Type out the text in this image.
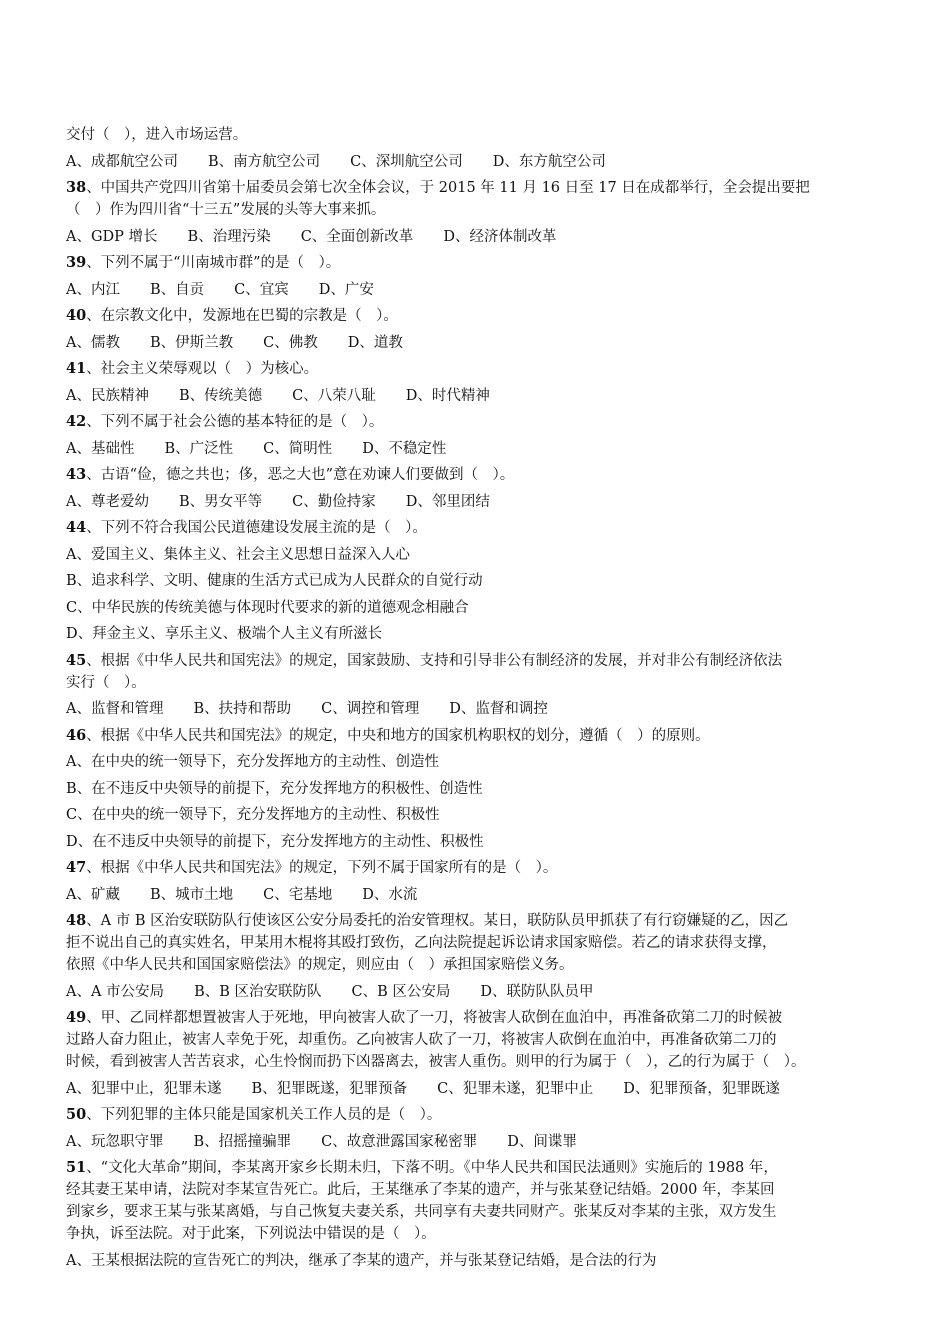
交付（　），进入市场运营。
A、成都航空公司 B、南方航空公司 C、深圳航空公司 D、东方航空公司
38、中国共产党四川省第十届委员会第七次全体会议，于 2015 年 11 月 16 日至 17 日在成都举行，全会提出要把
（　）作为四川省“十三五”发展的头等大事来抓。
A、GDP 增长 B、治理污染 C、全面创新改革 D、经济体制改革
39、下列不属于“川南城市群”的是（　）。
A、内江 B、自贡 C、宜宾 D、广安
40、在宗教文化中，发源地在巴蜀的宗教是（　）。
A、儒教 B、伊斯兰教 C、佛教 D、道教
41、社会主义荣辱观以（　）为核心。
A、民族精神 B、传统美德 C、八荣八耻 D、时代精神
42、下列不属于社会公德的基本特征的是（　）。
A、基础性 B、广泛性 C、简明性 D、不稳定性
43、古语“俭，德之共也；侈，恶之大也”意在劝谏人们要做到（　）。
A、尊老爱幼 B、男女平等 C、勤俭持家 D、邻里团结
44、下列不符合我国公民道德建设发展主流的是（　）。
A、爱国主义、集体主义、社会主义思想日益深入人心
B、追求科学、文明、健康的生活方式已成为人民群众的自觉行动
C、中华民族的传统美德与体现时代要求的新的道德观念相融合
D、拜金主义、享乐主义、极端个人主义有所滋长
45、根据《中华人民共和国宪法》的规定，国家鼓励、支持和引导非公有制经济的发展，并对非公有制经济依法
实行（　）。
A、监督和管理 B、扶持和帮助 C、调控和管理 D、监督和调控
46、根据《中华人民共和国宪法》的规定，中央和地方的国家机构职权的划分，遵循（　）的原则。
A、在中央的统一领导下，充分发挥地方的主动性、创造性
B、在不违反中央领导的前提下，充分发挥地方的积极性、创造性
C、在中央的统一领导下，充分发挥地方的主动性、积极性
D、在不违反中央领导的前提下，充分发挥地方的主动性、积极性
47、根据《中华人民共和国宪法》的规定，下列不属于国家所有的是（　）。
A、矿藏 B、城市土地 C、宅基地 D、水流
48、A 市 B 区治安联防队行使该区公安分局委托的治安管理权。某日，联防队员甲抓获了有行窃嫌疑的乙，因乙
拒不说出自己的真实姓名，甲某用木棍将其殴打致伤，乙向法院提起诉讼请求国家赔偿。若乙的请求获得支撑，
依照《中华人民共和国国家赔偿法》的规定，则应由（　）承担国家赔偿义务。
A、A 市公安局 B、B 区治安联防队 C、B 区公安局 D、联防队队员甲
49、甲、乙同样都想置被害人于死地，甲向被害人砍了一刀，将被害人砍倒在血泊中，再准备砍第二刀的时候被
过路人奋力阻止，被害人幸免于死，却重伤。乙向被害人砍了一刀，将被害人砍倒在血泊中，再准备砍第二刀的
时候，看到被害人苦苦哀求，心生怜悯而扔下凶器离去，被害人重伤。则甲的行为属于（　），乙的行为属于（　）。
A、犯罪中止，犯罪未遂 B、犯罪既遂，犯罪预备 C、犯罪未遂，犯罪中止 D、犯罪预备，犯罪既遂
50、下列犯罪的主体只能是国家机关工作人员的是（　）。
A、玩忽职守罪 B、招摇撞骗罪 C、故意泄露国家秘密罪 D、间谍罪
51、“文化大革命”期间，李某离开家乡长期未归，下落不明。《中华人民共和国民法通则》实施后的 1988 年，
经其妻王某申请，法院对李某宣告死亡。此后，王某继承了李某的遗产，并与张某登记结婚。2000 年，李某回
到家乡，要求王某与张某离婚，与自己恢复夫妻关系，共同享有夫妻共同财产。张某反对李某的主张，双方发生
争执，诉至法院。对于此案，下列说法中错误的是（　）。
A、王某根据法院的宣告死亡的判决，继承了李某的遗产，并与张某登记结婚，是合法的行为
